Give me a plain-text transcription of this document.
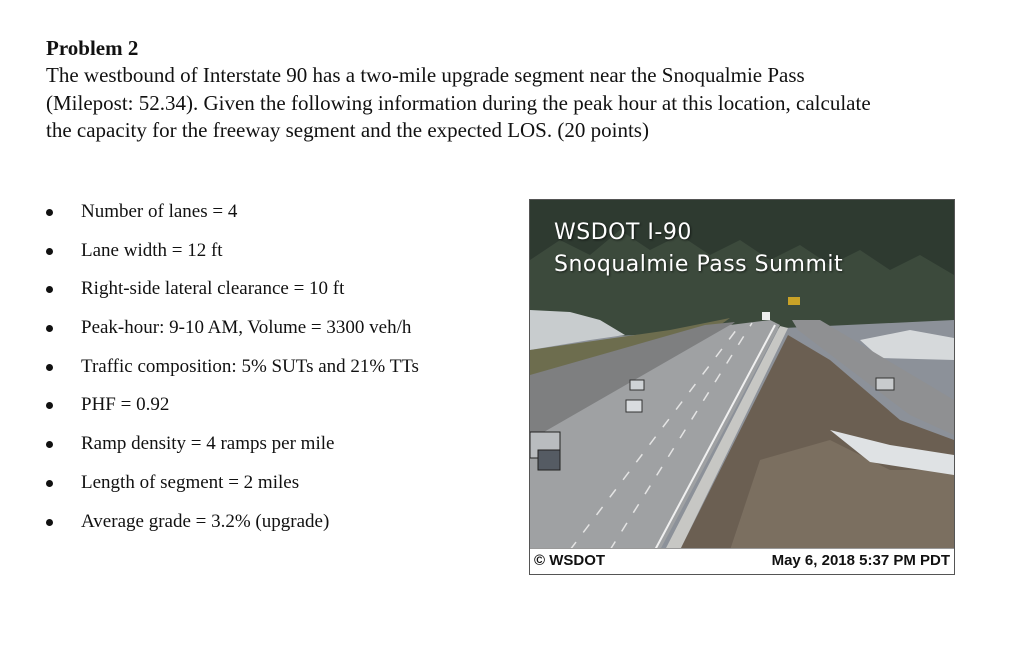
Problem 2
The westbound of Interstate 90 has a two-mile upgrade segment near the Snoqualmie Pass (Milepost: 52.34). Given the following information during the peak hour at this location, calculate the capacity for the freeway segment and the expected LOS. (20 points)
Number of lanes = 4
Lane width = 12 ft
Right-side lateral clearance = 10 ft
Peak-hour: 9-10 AM, Volume = 3300 veh/h
Traffic composition: 5% SUTs and 21% TTs
PHF = 0.92
Ramp density = 4 ramps per mile
Length of segment = 2 miles
Average grade = 3.2% (upgrade)
WSDOT I-90
Snoqualmie Pass Summit
© WSDOT	May 6, 2018 5:37 PM PDT
